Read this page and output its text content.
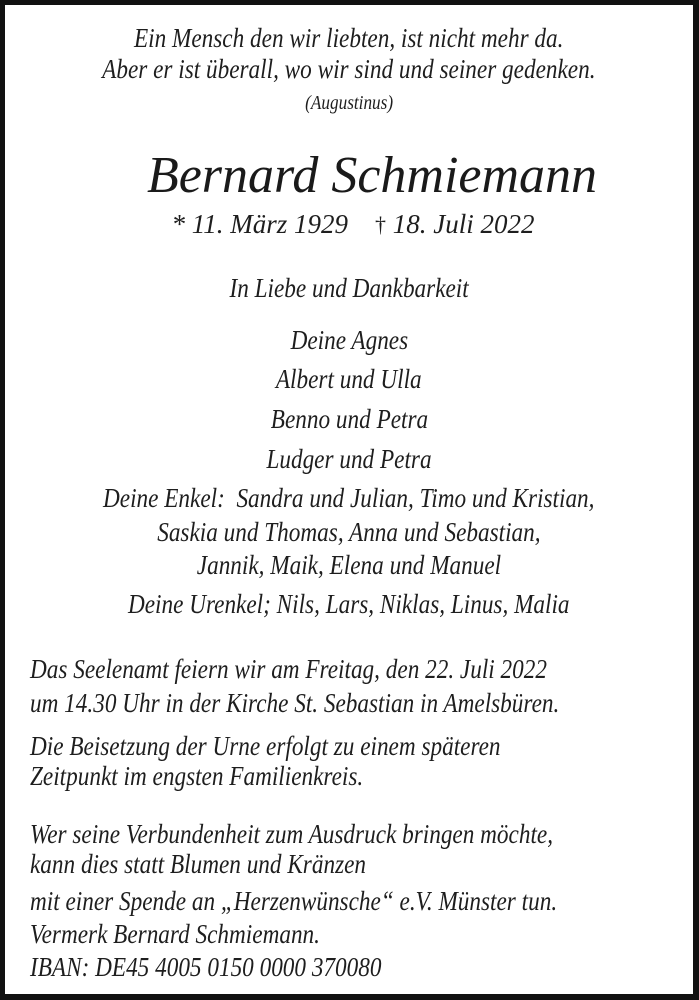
Ein Mensch den wir liebten, ist nicht mehr da.
Aber er ist überall, wo wir sind und seiner gedenken.
(Augustinus)
Bernard Schmiemann
* 11. März 1929 † 18. Juli 2022
In Liebe und Dankbarkeit
Deine Agnes
Albert und Ulla
Benno und Petra
Ludger und Petra
Deine Enkel:  Sandra und Julian, Timo und Kristian,
Saskia und Thomas, Anna und Sebastian,
Jannik, Maik, Elena und Manuel
Deine Urenkel; Nils, Lars, Niklas, Linus, Malia
Das Seelenamt feiern wir am Freitag, den 22. Juli 2022
um 14.30 Uhr in der Kirche St. Sebastian in Amelsbüren.
Die Beisetzung der Urne erfolgt zu einem späteren
Zeitpunkt im engsten Familienkreis.
Wer seine Verbundenheit zum Ausdruck bringen möchte,
kann dies statt Blumen und Kränzen
mit einer Spende an „Herzenwünsche“ e.V. Münster tun.
Vermerk Bernard Schmiemann.
IBAN: DE45 4005 0150 0000 370080
